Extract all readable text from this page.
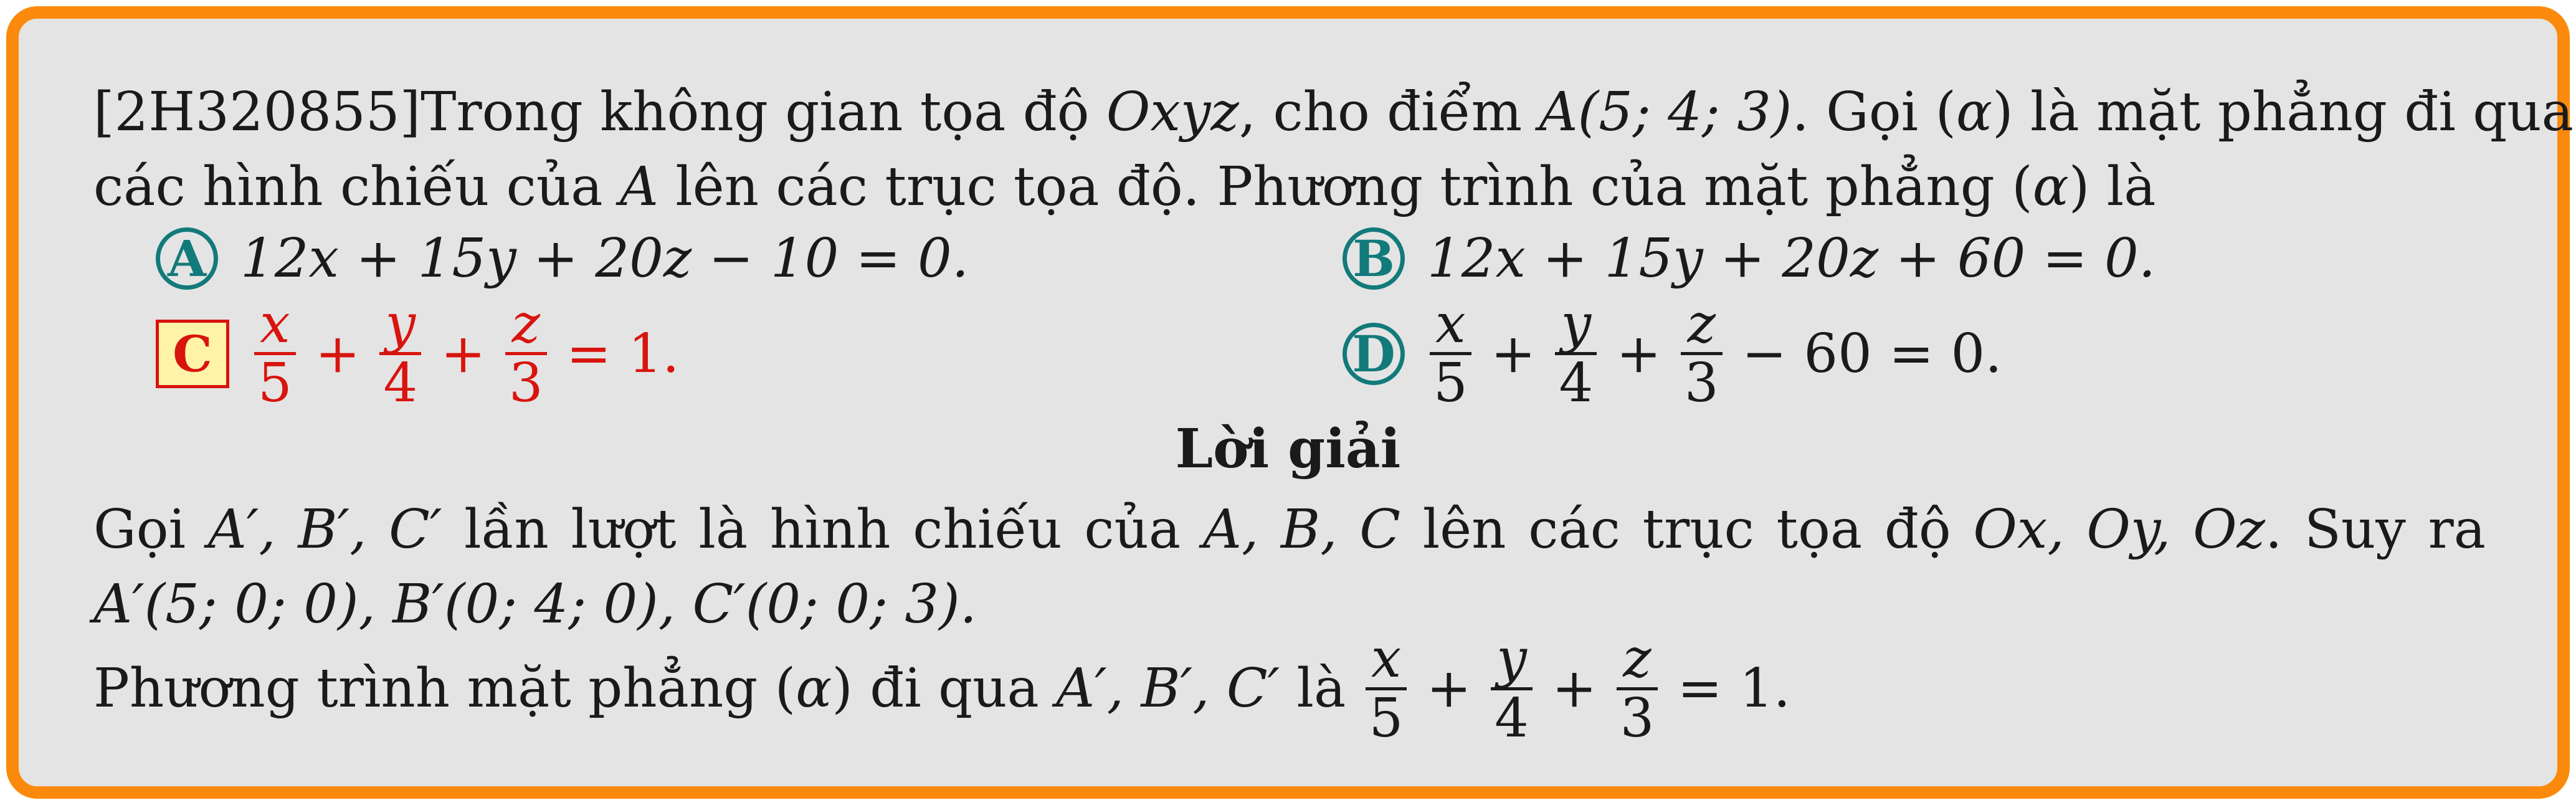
[2H320855]Trong không gian tọa độ Oxyz, cho điểm A(5; 4; 3). Gọi (α) là mặt phẳng đi qua
các hình chiếu của A lên các trục tọa độ. Phương trình của mặt phẳng (α) là
A 12x + 15y + 20z − 10 = 0.	B 12x + 15y + 20z + 60 = 0.
C $\frac{x}{5} + \frac{y}{4} + \frac{z}{3} = 1$.	D $\frac{x}{5} + \frac{y}{4} + \frac{z}{3} - 60 = 0$.
Lời giải
Gọi A′, B′, C′ lần lượt là hình chiếu của A, B, C lên các trục tọa độ Ox, Oy, Oz. Suy ra
A′(5; 0; 0), B′(0; 4; 0), C′(0; 0; 3).
Phương trình mặt phẳng ( α ) đi qua A′, B′, C′ là $\frac{x}{5} + \frac{y}{4} + \frac{z}{3} = 1$.
